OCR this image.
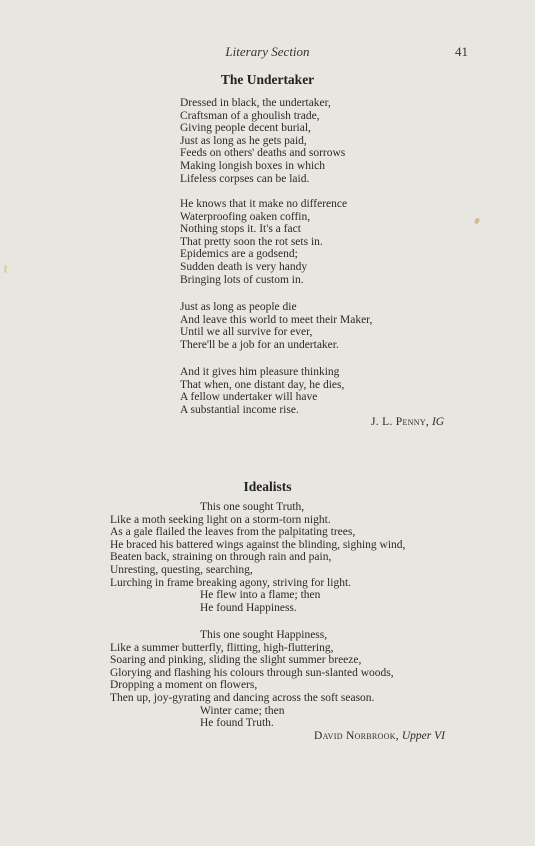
Literary Section	41
The Undertaker
Dressed in black, the undertaker,
Craftsman of a ghoulish trade,
Giving people decent burial,
Just as long as he gets paid,
Feeds on others' deaths and sorrows
Making longish boxes in which
Lifeless corpses can be laid.
He knows that it make no difference
Waterproofing oaken coffin,
Nothing stops it. It's a fact
That pretty soon the rot sets in.
Epidemics are a godsend;
Sudden death is very handy
Bringing lots of custom in.
Just as long as people die
And leave this world to meet their Maker,
Until we all survive for ever,
There'll be a job for an undertaker.
And it gives him pleasure thinking
That when, one distant day, he dies,
A fellow undertaker will have
A substantial income rise.
J. L. Penny, IG
Idealists
This one sought Truth,
Like a moth seeking light on a storm-torn night.
As a gale flailed the leaves from the palpitating trees,
He braced his battered wings against the blinding, sighing wind,
Beaten back, straining on through rain and pain,
Unresting, questing, searching,
Lurching in frame breaking agony, striving for light.
He flew into a flame; then
He found Happiness.
This one sought Happiness,
Like a summer butterfly, flitting, high-fluttering,
Soaring and pinking, sliding the slight summer breeze,
Glorying and flashing his colours through sun-slanted woods,
Dropping a moment on flowers,
Then up, joy-gyrating and dancing across the soft season.
Winter came; then
He found Truth.
David Norbrook, Upper VI
